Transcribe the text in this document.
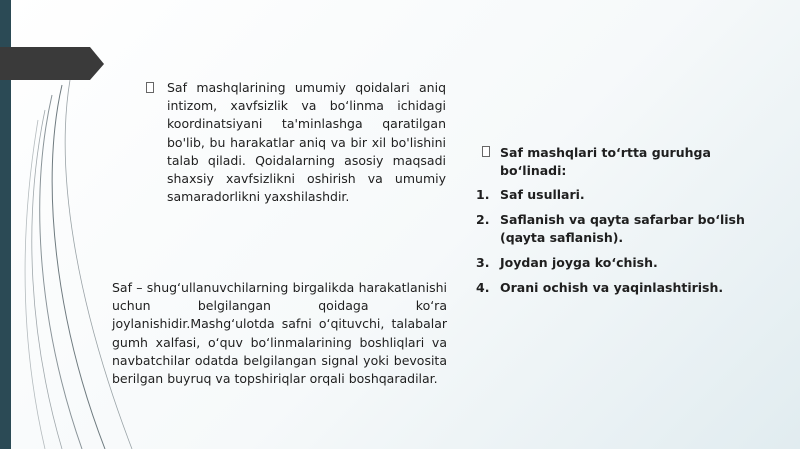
Saf mashqlarining umumiy qoidalari aniq intizom, xavfsizlik va bo‘linma ichidagi koordinatsiyani ta'minlashga qaratilgan bo'lib, bu harakatlar aniq va bir xil bo'lishini talab qiladi. Qoidalarning asosiy maqsadi shaxsiy xavfsizlikni oshirish va umumiy samaradorlikni yaxshilashdir.

Saf – shug‘ullanuvchilarning birgalikda harakatlanishi uchun belgilangan qoidaga ko‘ra joylanishidir.Mashg‘ulotda safni o‘qituvchi, talabalar gumh xalfasi, o‘quv bo‘linmalarining boshliqlari va navbatchilar odatda belgilangan signal yoki bevosita berilgan buyruq va topshiriqlar orqali boshqaradilar.

Saf mashqlari to‘rtta guruhga bo‘linadi:

1. Saf usullari.
2. Saflanish va qayta safarbar bo‘lish (qayta saflanish).
3. Joydan joyga ko‘chish.
4. Orani ochish va yaqinlashtirish.
